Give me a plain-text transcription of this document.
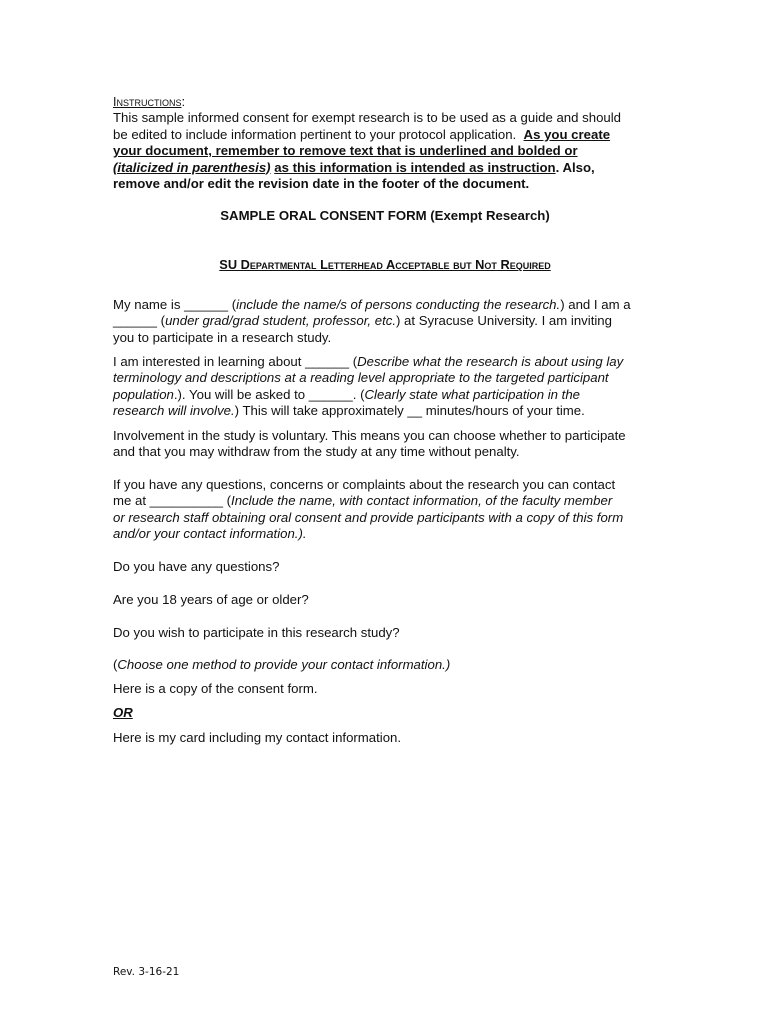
Instructions:
This sample informed consent for exempt research is to be used as a guide and should
be edited to include information pertinent to your protocol application. As you create
your document, remember to remove text that is underlined and bolded or
(italicized in parenthesis) as this information is intended as instruction. Also,
remove and/or edit the revision date in the footer of the document.
SAMPLE ORAL CONSENT FORM (Exempt Research)
SU Departmental Letterhead Acceptable but Not Required
My name is ______ (include the name/s of persons conducting the research.) and I am a
______ (under grad/grad student, professor, etc.) at Syracuse University. I am inviting
you to participate in a research study.
I am interested in learning about ______ (Describe what the research is about using lay
terminology and descriptions at a reading level appropriate to the targeted participant
population.). You will be asked to ______. (Clearly state what participation in the
research will involve.) This will take approximately __ minutes/hours of your time.
Involvement in the study is voluntary. This means you can choose whether to participate
and that you may withdraw from the study at any time without penalty.
If you have any questions, concerns or complaints about the research you can contact
me at __________ (Include the name, with contact information, of the faculty member
or research staff obtaining oral consent and provide participants with a copy of this form
and/or your contact information.).
Do you have any questions?
Are you 18 years of age or older?
Do you wish to participate in this research study?
(Choose one method to provide your contact information.)
Here is a copy of the consent form.
OR
Here is my card including my contact information.
Rev. 3-16-21
